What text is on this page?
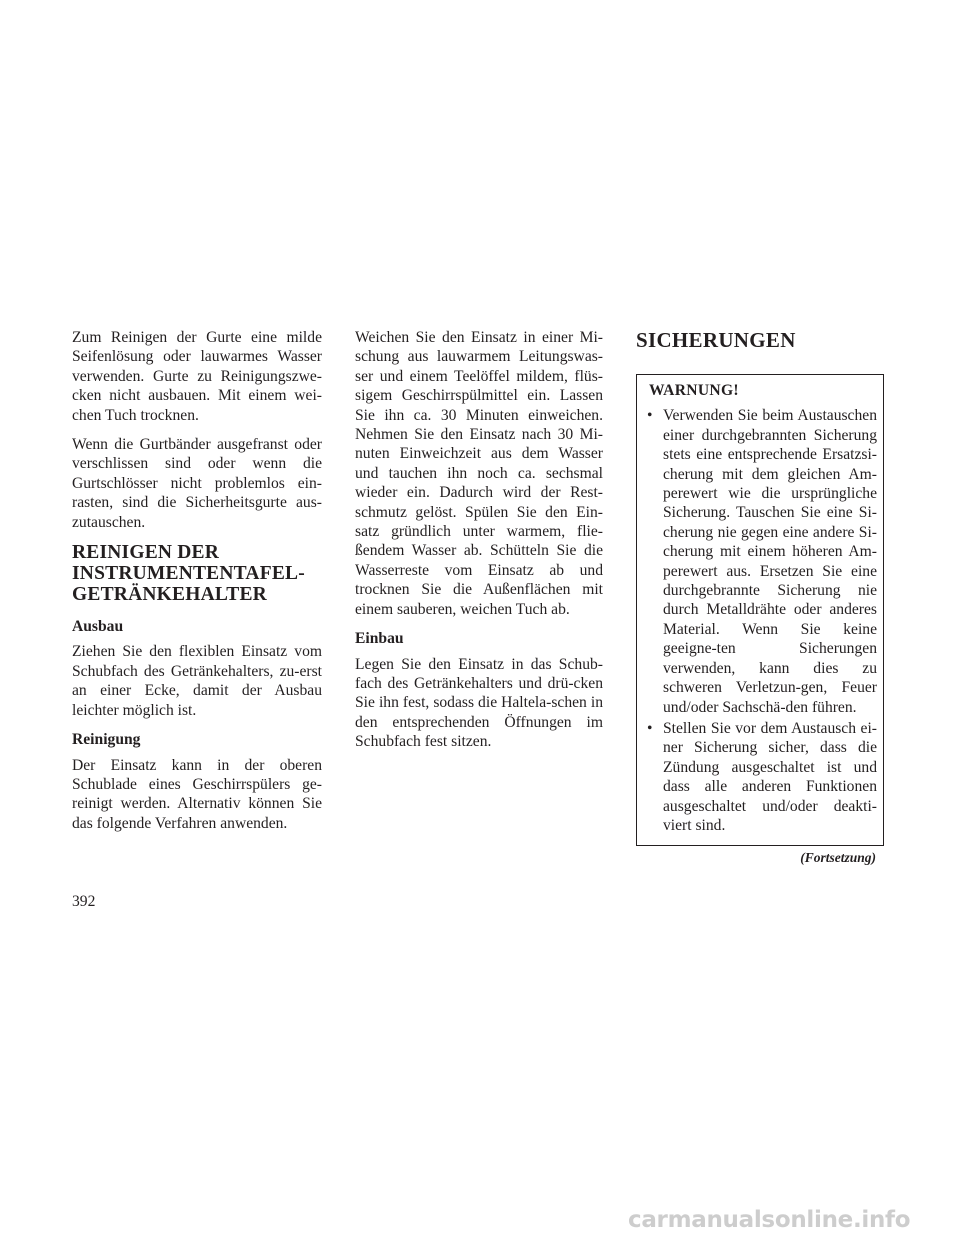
Zum Reinigen der Gurte eine milde Seifenlösung oder lauwarmes Wasser verwenden. Gurte zu Reinigungszwe-cken nicht ausbauen. Mit einem wei-chen Tuch trocknen.

Wenn die Gurtbänder ausgefranst oder verschlissen sind oder wenn die Gurtschlösser nicht problemlos ein-rasten, sind die Sicherheitsgurte aus-zutauschen.

REINIGEN DER
INSTRUMENTENTAFEL-
GETRÄNKEHALTER
Ausbau

Ziehen Sie den flexiblen Einsatz vom Schubfach des Getränkehalters, zu-erst an einer Ecke, damit der Ausbau leichter möglich ist.

Reinigung

Der Einsatz kann in der oberen Schublade eines Geschirrspülers ge-reinigt werden. Alternativ können Sie das folgende Verfahren anwenden.

Weichen Sie den Einsatz in einer Mi-schung aus lauwarmem Leitungswas-ser und einem Teelöffel mildem, flüs-sigem Geschirrspülmittel ein. Lassen Sie ihn ca. 30 Minuten einweichen. Nehmen Sie den Einsatz nach 30 Mi-nuten Einweichzeit aus dem Wasser und tauchen ihn noch ca. sechsmal wieder ein. Dadurch wird der Rest-schmutz gelöst. Spülen Sie den Ein-satz gründlich unter warmem, flie-ßendem Wasser ab. Schütteln Sie die Wasserreste vom Einsatz ab und trocknen Sie die Außenflächen mit einem sauberen, weichen Tuch ab.

Einbau

Legen Sie den Einsatz in das Schub-fach des Getränkehalters und drü-cken Sie ihn fest, sodass die Haltela-schen in den entsprechenden Öffnungen im Schubfach fest sitzen.

SICHERUNGEN
WARNUNG!
• Verwenden Sie beim Austauschen einer durchgebrannten Sicherung stets eine entsprechende Ersatzsi-cherung mit dem gleichen Am-perewert wie die ursprüngliche Sicherung. Tauschen Sie eine Si-cherung nie gegen eine andere Si-cherung mit einem höheren Am-perewert aus. Ersetzen Sie eine durchgebrannte Sicherung nie durch Metalldrähte oder anderes Material. Wenn Sie keine geeigne-ten Sicherungen verwenden, kann dies zu schweren Verletzun-gen, Feuer und/oder Sachschä-den führen.
• Stellen Sie vor dem Austausch ei-ner Sicherung sicher, dass die Zündung ausgeschaltet ist und dass alle anderen Funktionen ausgeschaltet und/oder deakti-viert sind.
(Fortsetzung)
392
carmanualsonline.info
